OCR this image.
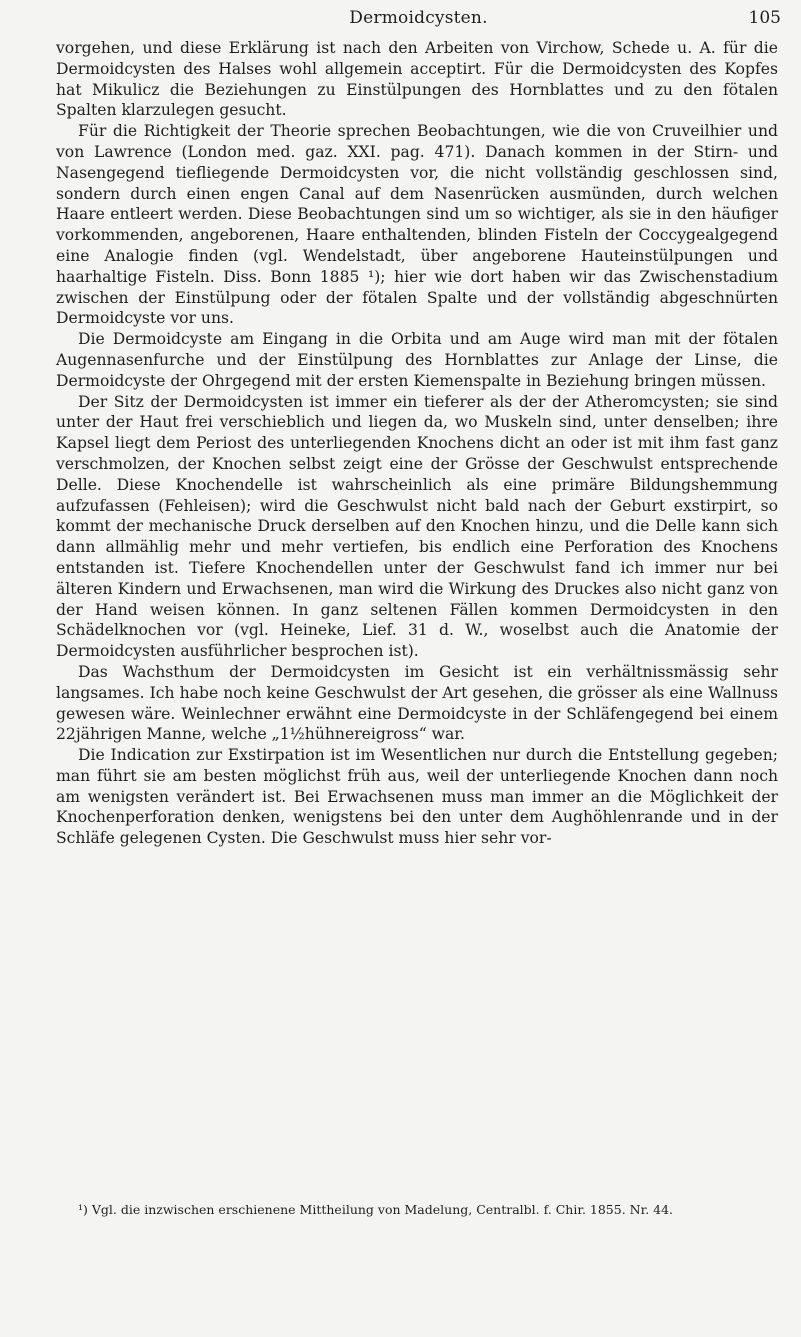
Dermoidcysten.	105

vorgehen, und diese Erklärung ist nach den Arbeiten von Virchow, Schede u. A. für die Dermoidcysten des Halses wohl allgemein acceptirt. Für die Dermoidcysten des Kopfes hat Mikulicz die Beziehungen zu Einstülpungen des Hornblattes und zu den fötalen Spalten klarzulegen gesucht.

Für die Richtigkeit der Theorie sprechen Beobachtungen, wie die von Cruveilhier und von Lawrence (London med. gaz. XXI. pag. 471). Danach kommen in der Stirn- und Nasengegend tiefliegende Dermoidcysten vor, die nicht vollständig geschlossen sind, sondern durch einen engen Canal auf dem Nasenrücken ausmünden, durch welchen Haare entleert werden. Diese Beobachtungen sind um so wichtiger, als sie in den häufiger vorkommenden, angeborenen, Haare enthaltenden, blinden Fisteln der Coccygealgegend eine Analogie finden (vgl. Wendelstadt, über angeborene Hauteinstülpungen und haarhaltige Fisteln. Diss. Bonn 1885 ¹); hier wie dort haben wir das Zwischenstadium zwischen der Einstülpung oder der fötalen Spalte und der vollständig abgeschnürten Dermoidcyste vor uns.

Die Dermoidcyste am Eingang in die Orbita und am Auge wird man mit der fötalen Augennasenfurche und der Einstülpung des Hornblattes zur Anlage der Linse, die Dermoidcyste der Ohrgegend mit der ersten Kiemenspalte in Beziehung bringen müssen.

Der Sitz der Dermoidcysten ist immer ein tieferer als der der Atheromcysten; sie sind unter der Haut frei verschieblich und liegen da, wo Muskeln sind, unter denselben; ihre Kapsel liegt dem Periost des unterliegenden Knochens dicht an oder ist mit ihm fast ganz verschmolzen, der Knochen selbst zeigt eine der Grösse der Geschwulst entsprechende Delle. Diese Knochendelle ist wahrscheinlich als eine primäre Bildungshemmung aufzufassen (Fehleisen); wird die Geschwulst nicht bald nach der Geburt exstirpirt, so kommt der mechanische Druck derselben auf den Knochen hinzu, und die Delle kann sich dann allmählig mehr und mehr vertiefen, bis endlich eine Perforation des Knochens entstanden ist. Tiefere Knochendellen unter der Geschwulst fand ich immer nur bei älteren Kindern und Erwachsenen, man wird die Wirkung des Druckes also nicht ganz von der Hand weisen können. In ganz seltenen Fällen kommen Dermoidcysten in den Schädelknochen vor (vgl. Heineke, Lief. 31 d. W., woselbst auch die Anatomie der Dermoidcysten ausführlicher besprochen ist).

Das Wachsthum der Dermoidcysten im Gesicht ist ein verhältnissmässig sehr langsames. Ich habe noch keine Geschwulst der Art gesehen, die grösser als eine Wallnuss gewesen wäre. Weinlechner erwähnt eine Dermoidcyste in der Schläfengegend bei einem 22jährigen Manne, welche „1½hühnereigross“ war.

Die Indication zur Exstirpation ist im Wesentlichen nur durch die Entstellung gegeben; man führt sie am besten möglichst früh aus, weil der unterliegende Knochen dann noch am wenigsten verändert ist. Bei Erwachsenen muss man immer an die Möglichkeit der Knochenperforation denken, wenigstens bei den unter dem Aughöhlenrande und in der Schläfe gelegenen Cysten. Die Geschwulst muss hier sehr vor-

¹) Vgl. die inzwischen erschienene Mittheilung von Madelung, Centralbl. f. Chir. 1855. Nr. 44.
